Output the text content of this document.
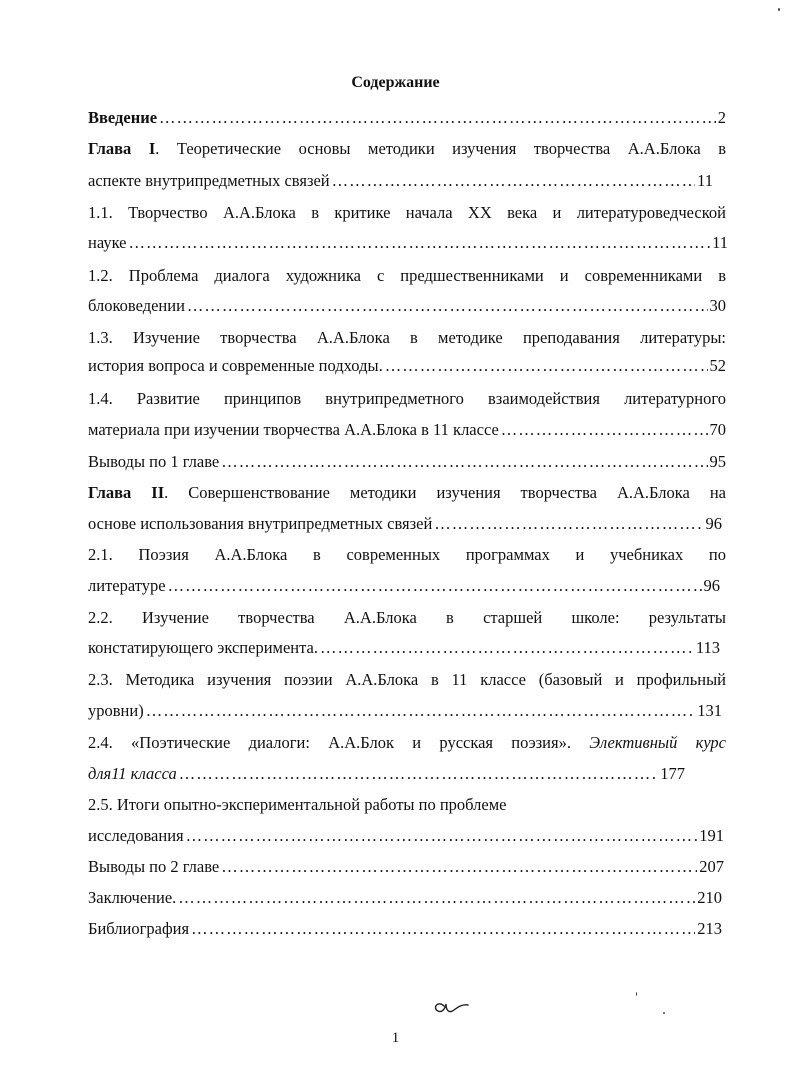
Содержание
Введение …………………………………………………………………………………………………………………………………………………………	2
Глава I. Теоретические основы методики изучения творчества А.А.Блока в
аспекте внутрипредметных связей …………………………………………………………………………………………………………………………………………………………	11
1.1. Творчество А.А.Блока в критике начала XX века и литературоведческой
науке …………………………………………………………………………………………………………………………………………………………	11
1.2. Проблема диалога художника с предшественниками и современниками в
блоковедении …………………………………………………………………………………………………………………………………………………………	30
1.3. Изучение творчества А.А.Блока в методике преподавания литературы:
история вопроса и современные подходы. …………………………………………………………………………………………………………………………………………………………	52
1.4. Развитие принципов внутрипредметного взаимодействия литературного
материала при изучении творчества А.А.Блока в 11 классе …………………………………………………………………………………………………………………………………………………………	70
Выводы по 1 главе …………………………………………………………………………………………………………………………………………………………	95
Глава II. Совершенствование методики изучения творчества А.А.Блока на
основе использования внутрипредметных связей …………………………………………………………………………………………………………………………………………………………	96
2.1. Поэзия А.А.Блока в современных программах и учебниках по
литературе …………………………………………………………………………………………………………………………………………………………	96
2.2. Изучение творчества А.А.Блока в старшей школе: результаты
констатирующего эксперимента. …………………………………………………………………………………………………………………………………………………………	113
2.3. Методика изучения поэзии А.А.Блока в 11 классе (базовый и профильный
уровни) …………………………………………………………………………………………………………………………………………………………	131
2.4. «Поэтические диалоги: А.А.Блок и русская поэзия». Элективный курс
для11 класса …………………………………………………………………………………………………………………………………………………………	177
2.5. Итоги опытно-экспериментальной работы по проблеме
исследования …………………………………………………………………………………………………………………………………………………………	191
Выводы по 2 главе …………………………………………………………………………………………………………………………………………………………	207
Заключение. …………………………………………………………………………………………………………………………………………………………	210
Библиография …………………………………………………………………………………………………………………………………………………………	213
1
